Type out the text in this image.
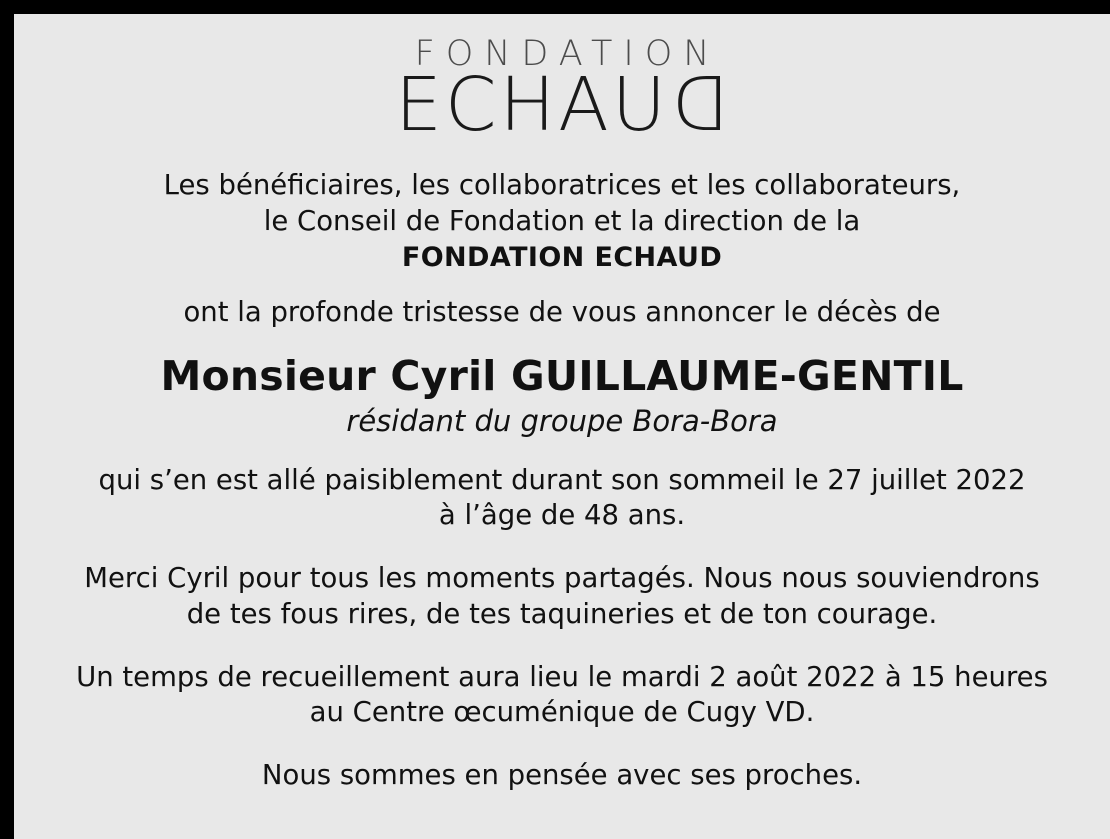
FONDATION
ECHAUD

Les bénéficiaires, les collaboratrices et les collaborateurs,

le Conseil de Fondation et la direction de la

FONDATION ECHAUD

ont la profonde tristesse de vous annoncer le décès de

Monsieur Cyril GUILLAUME-GENTIL

résidant du groupe Bora-Bora

qui s’en est allé paisiblement durant son sommeil le 27 juillet 2022

à l’âge de 48 ans.

Merci Cyril pour tous les moments partagés. Nous nous souviendrons

de tes fous rires, de tes taquineries et de ton courage.

Un temps de recueillement aura lieu le mardi 2 août 2022 à 15 heures

au Centre œcuménique de Cugy VD.

Nous sommes en pensée avec ses proches.
